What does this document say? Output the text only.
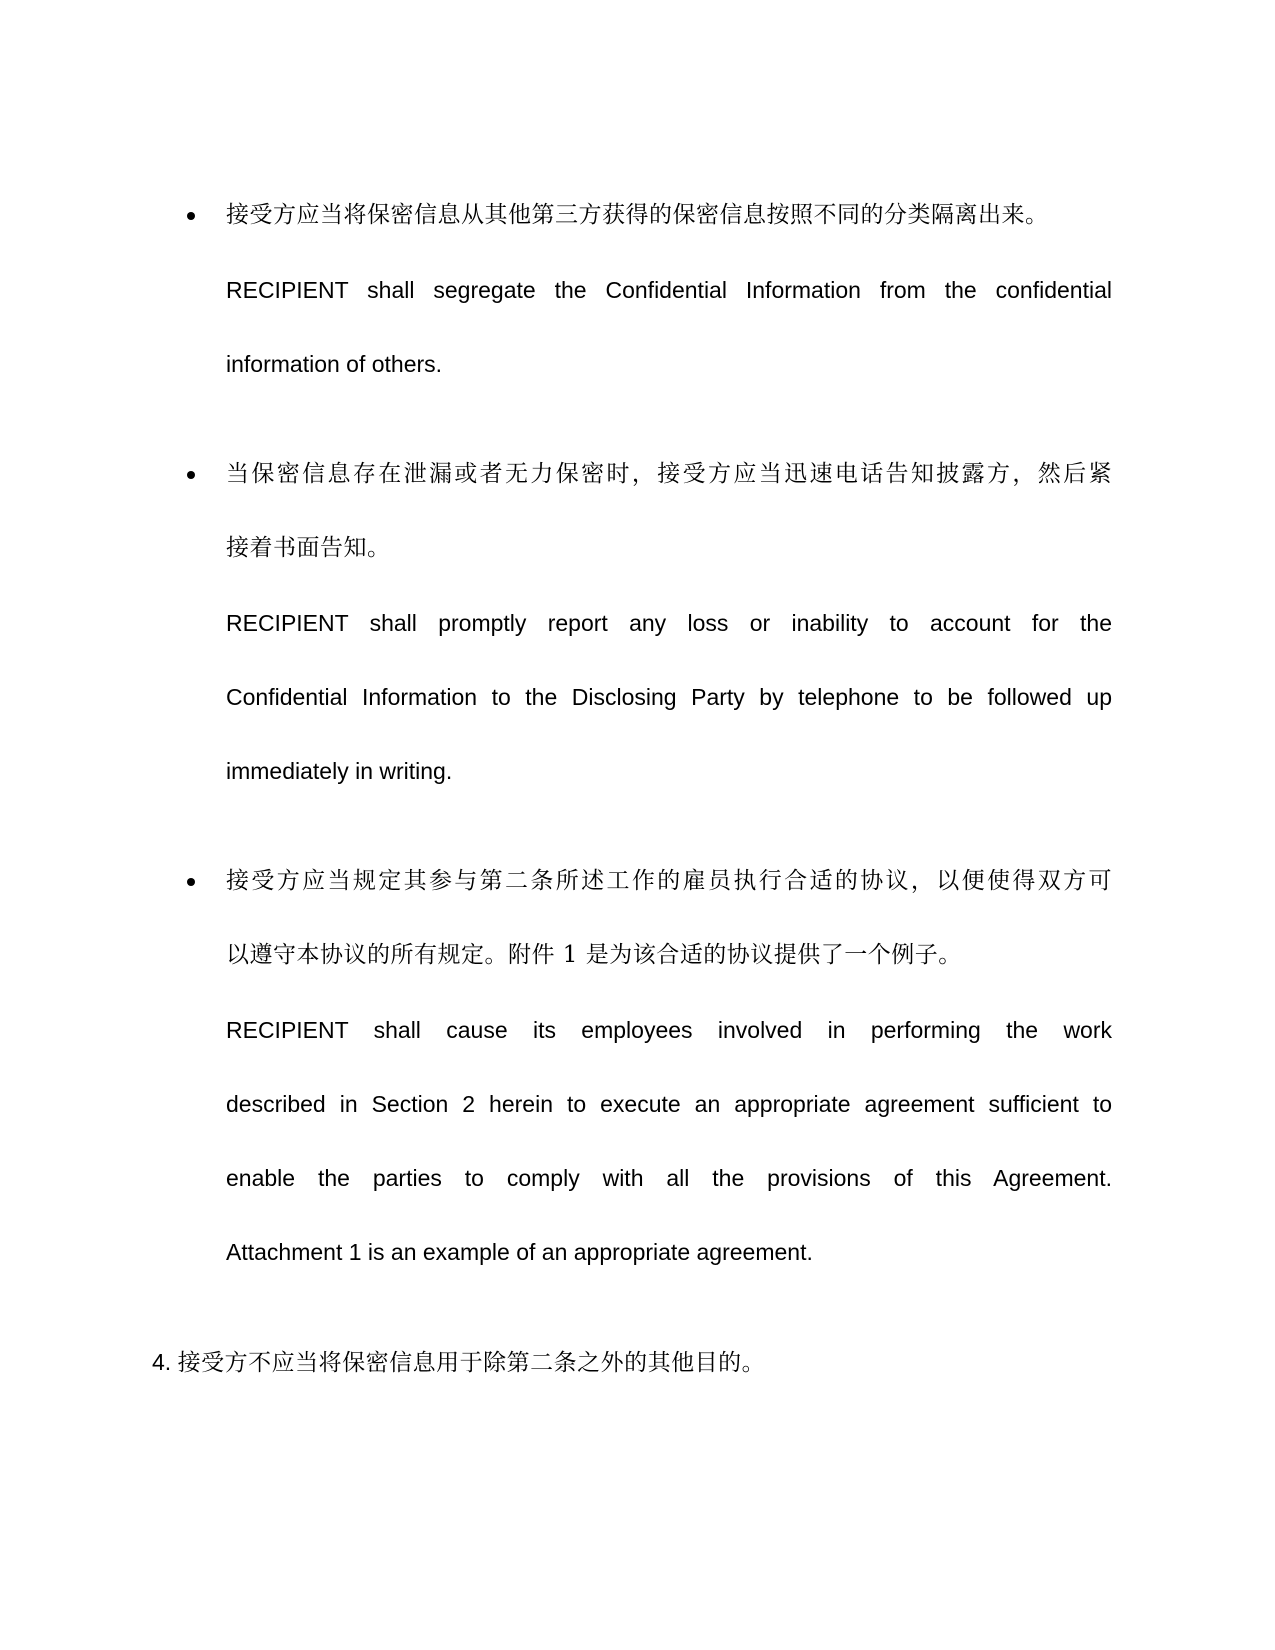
接受方应当将保密信息从其他第三方获得的保密信息按照不同的分类隔离出来。
RECIPIENT shall segregate the Confidential Information from the confidential
information of others.
当保密信息存在泄漏或者无力保密时，接受方应当迅速电话告知披露方，然后紧
接着书面告知。
RECIPIENT shall promptly report any loss or inability to account for the
Confidential Information to the Disclosing Party by telephone to be followed up
immediately in writing.
接受方应当规定其参与第二条所述工作的雇员执行合适的协议，以便使得双方可
以遵守本协议的所有规定。附件 1 是为该合适的协议提供了一个例子。
RECIPIENT shall cause its employees involved in performing the work
described in Section 2 herein to execute an appropriate agreement sufficient to
enable the parties to comply with all the provisions of this Agreement.
Attachment 1 is an example of an appropriate agreement.
4. 接受方不应当将保密信息用于除第二条之外的其他目的。
